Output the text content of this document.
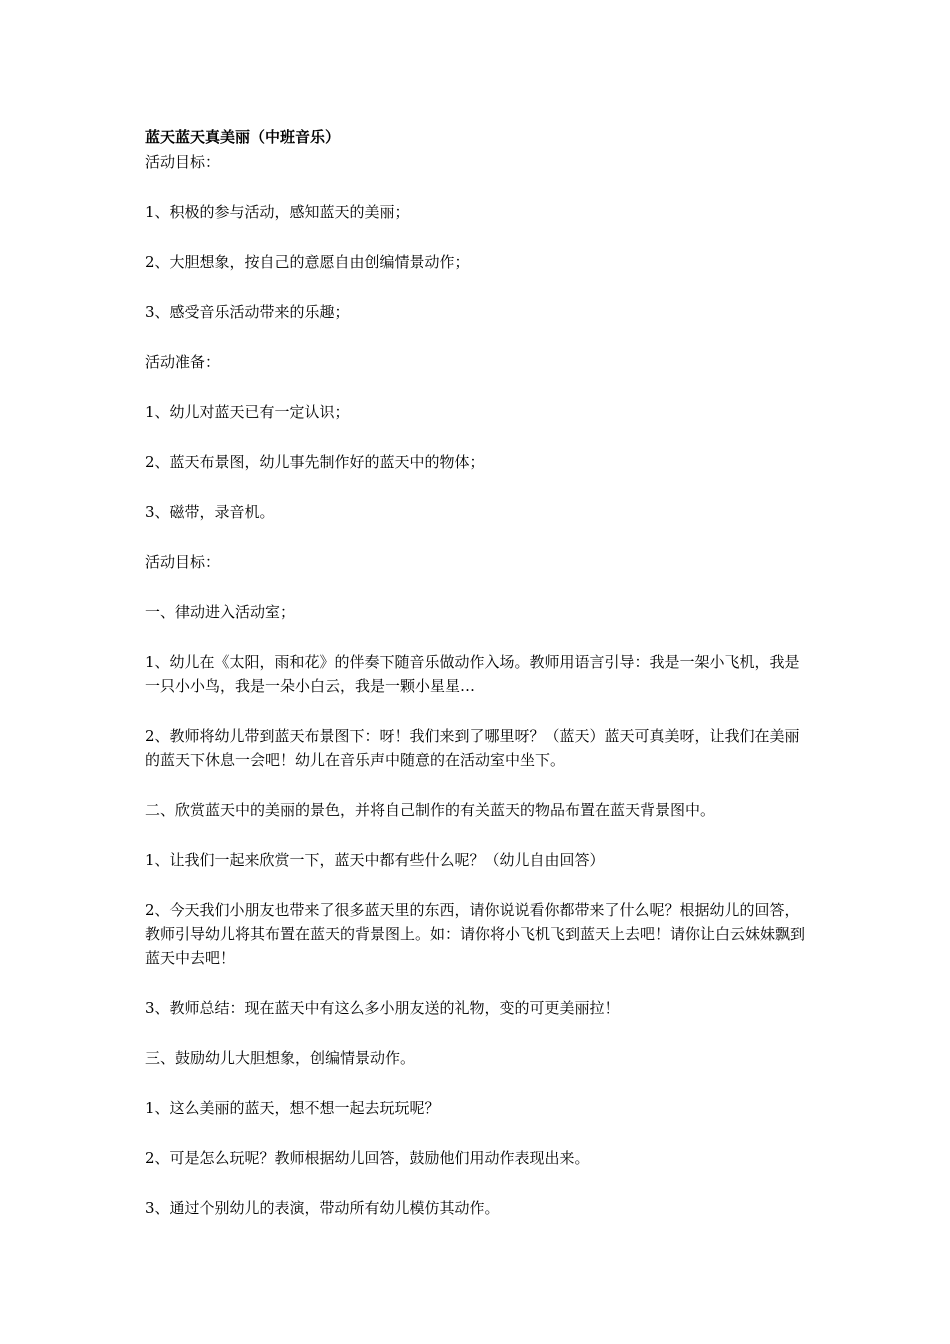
蓝天蓝天真美丽（中班音乐）

活动目标：

1、积极的参与活动，感知蓝天的美丽；

2、大胆想象，按自己的意愿自由创编情景动作；

3、感受音乐活动带来的乐趣；

活动准备：

1、幼儿对蓝天已有一定认识；

2、蓝天布景图，幼儿事先制作好的蓝天中的物体；

3、磁带，录音机。

活动目标：

一、律动进入活动室；

1、幼儿在《太阳，雨和花》的伴奏下随音乐做动作入场。教师用语言引导：我是一架小飞机，我是一只小小鸟，我是一朵小白云，我是一颗小星星…

2、教师将幼儿带到蓝天布景图下：呀！我们来到了哪里呀？（蓝天）蓝天可真美呀，让我们在美丽的蓝天下休息一会吧！幼儿在音乐声中随意的在活动室中坐下。

二、欣赏蓝天中的美丽的景色，并将自己制作的有关蓝天的物品布置在蓝天背景图中。

1、让我们一起来欣赏一下，蓝天中都有些什么呢？（幼儿自由回答）

2、今天我们小朋友也带来了很多蓝天里的东西，请你说说看你都带来了什么呢？根据幼儿的回答，教师引导幼儿将其布置在蓝天的背景图上。如：请你将小飞机飞到蓝天上去吧！请你让白云妹妹飘到蓝天中去吧！

3、教师总结：现在蓝天中有这么多小朋友送的礼物，变的可更美丽拉！

三、鼓励幼儿大胆想象，创编情景动作。

1、这么美丽的蓝天，想不想一起去玩玩呢？

2、可是怎么玩呢？教师根据幼儿回答，鼓励他们用动作表现出来。

3、通过个别幼儿的表演，带动所有幼儿模仿其动作。
